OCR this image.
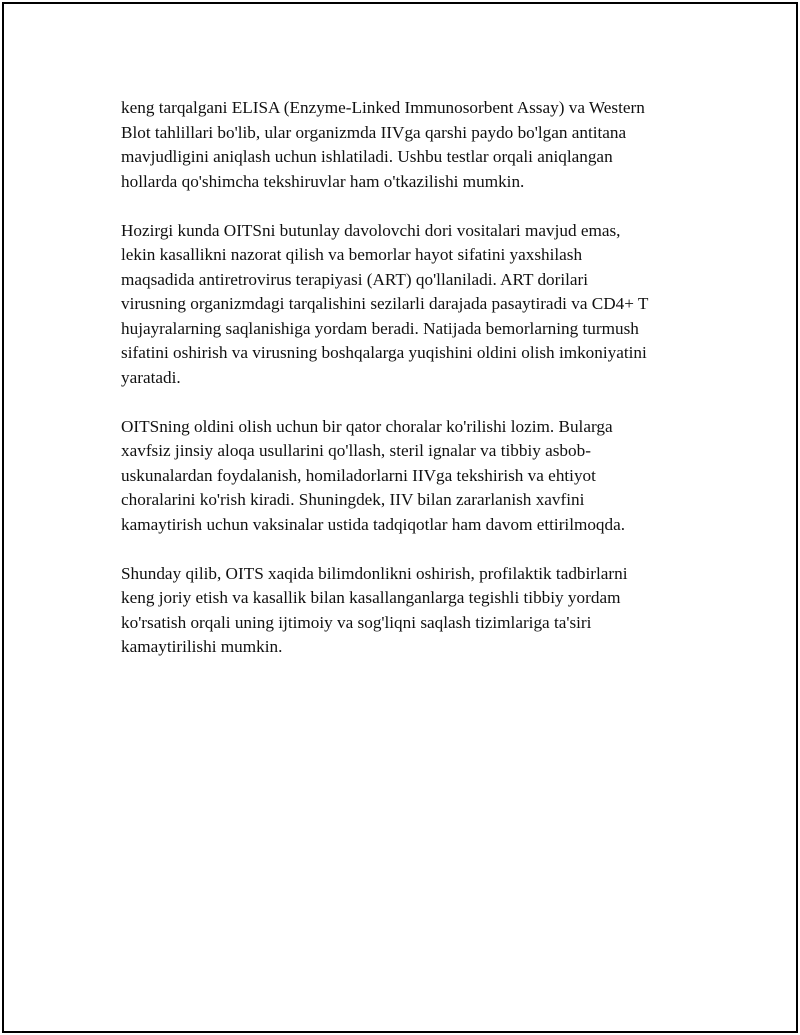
keng tarqalgani ELISA (Enzyme-Linked Immunosorbent Assay) va Western
Blot tahlillari bo'lib, ular organizmda IIVga qarshi paydo bo'lgan antitana
mavjudligini aniqlash uchun ishlatiladi. Ushbu testlar orqali aniqlangan
hollarda qo'shimcha tekshiruvlar ham o'tkazilishi mumkin.

Hozirgi kunda OITSni butunlay davolovchi dori vositalari mavjud emas,
lekin kasallikni nazorat qilish va bemorlar hayot sifatini yaxshilash
maqsadida antiretrovirus terapiyasi (ART) qo'llaniladi. ART dorilari
virusning organizmdagi tarqalishini sezilarli darajada pasaytiradi va CD4+ T
hujayralarning saqlanishiga yordam beradi. Natijada bemorlarning turmush
sifatini oshirish va virusning boshqalarga yuqishini oldini olish imkoniyatini
yaratadi.

OITSning oldini olish uchun bir qator choralar ko'rilishi lozim. Bularga
xavfsiz jinsiy aloqa usullarini qo'llash, steril ignalar va tibbiy asbob-
uskunalardan foydalanish, homiladorlarni IIVga tekshirish va ehtiyot
choralarini ko'rish kiradi. Shuningdek, IIV bilan zararlanish xavfini
kamaytirish uchun vaksinalar ustida tadqiqotlar ham davom ettirilmoqda.

Shunday qilib, OITS xaqida bilimdonlikni oshirish, profilaktik tadbirlarni
keng joriy etish va kasallik bilan kasallanganlarga tegishli tibbiy yordam
ko'rsatish orqali uning ijtimoiy va sog'liqni saqlash tizimlariga ta'siri
kamaytirilishi mumkin.
